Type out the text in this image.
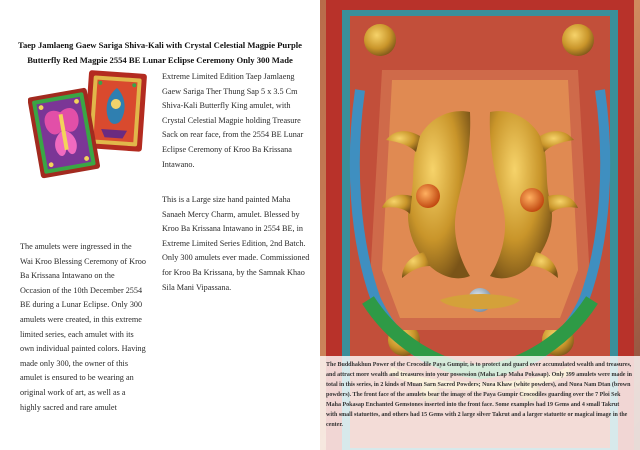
Taep Jamlaeng Gaew Sariga Shiva-Kali with Crystal Celestial Magpie Purple Butterfly Red Magpie 2554 BE Lunar Eclipse Ceremony Only 300 Made
Extreme Limited Edition Taep Jamlaeng Gaew Sariga Ther Thung Sap 5 x 3.5 Cm Shiva-Kali Butterfly King amulet, with Crystal Celestial Magpie holding Treasure Sack on rear face, from the 2554 BE Lunar Eclipse Ceremony of Kroo Ba Krissana Intawano.
This is a Large size hand painted Maha Sanaeh Mercy Charm, amulet. Blessed by Kroo Ba Krissana Intawano in 2554 BE, in Extreme Limited Series Edition, 2nd Batch. Only 300 amulets ever made. Commissioned for Kroo Ba Krissana, by the Samnak Khao Sila Mani Vipassana.
The amulets were ingressed in the Wai Kroo Blessing Ceremony of Kroo Ba Krissana Intawano on the Occasion of the 10th December 2554 BE during a Lunar Eclipse. Only 300 amulets were created, in this extreme limited series, each amulet with its own individual painted colors. Having made only 300, the owner of this amulet is ensured to be wearing an original work of art, as well as a highly sacred and rare amulet
The Buddhakhun Power of the Crocodile Paya Gumpir, is to protect and guard over accumulated wealth and treasures, and attract more wealth and treasures into your possession (Maha Lap Maha Pokasap). Only 399 amulets were made in total in this series, in 2 kinds of Muan Sarn Sacred Powders; Nuea Khaw (white powders), and Nuea Nam Dtan (brown powders). The front face of the amulets bear the image of the Paya Gumpir Crocodiles guarding over the 7 Ploi Sek Maha Pokasap Enchanted Gemstones inserted into the front face. Some examples had 19 Gems and 4 small Takrut with small statuettes, and others had 15 Gems with 2 large silver Takrut and a larger statuette or magical image in the center.
